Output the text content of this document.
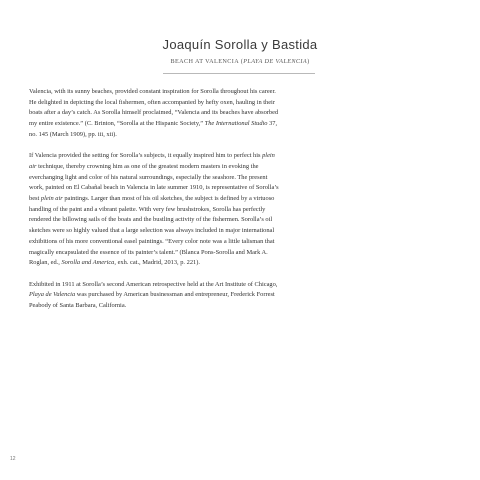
Joaquín Sorolla y Bastida
BEACH AT VALENCIA (PLAYA DE VALENCIA)

Valencia, with its sunny beaches, provided constant inspiration for Sorolla throughout his career. He delighted in depicting the local fishermen, often accompanied by hefty oxen, hauling in their boats after a day’s catch. As Sorolla himself proclaimed, “Valencia and its beaches have absorbed my entire existence.” (C. Brinton, “Sorolla at the Hispanic Society,” The International Studio 37, no. 145 (March 1909), pp. iii, xii).

If Valencia provided the setting for Sorolla’s subjects, it equally inspired him to perfect his plein air technique, thereby crowning him as one of the greatest modern masters in evoking the everchanging light and color of his natural surroundings, especially the seashore. The present work, painted on El Cabañal beach in Valencia in late summer 1910, is representative of Sorolla’s best plein air paintings. Larger than most of his oil sketches, the subject is defined by a virtuoso handling of the paint and a vibrant palette. With very few brushstrokes, Sorolla has perfectly rendered the billowing sails of the boats and the bustling activity of the fishermen. Sorolla’s oil sketches were so highly valued that a large selection was always included in major international exhibitions of his more conventional easel paintings. “Every color note was a little talisman that magically encapsulated the essence of its painter’s talent.” (Blanca Pons-Sorolla and Mark A. Roglan, ed., Sorolla and America, exh. cat., Madrid, 2013, p. 221).

Exhibited in 1911 at Sorolla’s second American retrospective held at the Art Institute of Chicago, Playa de Valencia was purchased by American businessman and entrepreneur, Frederick Forrest Peabody of Santa Barbara, California.

12
